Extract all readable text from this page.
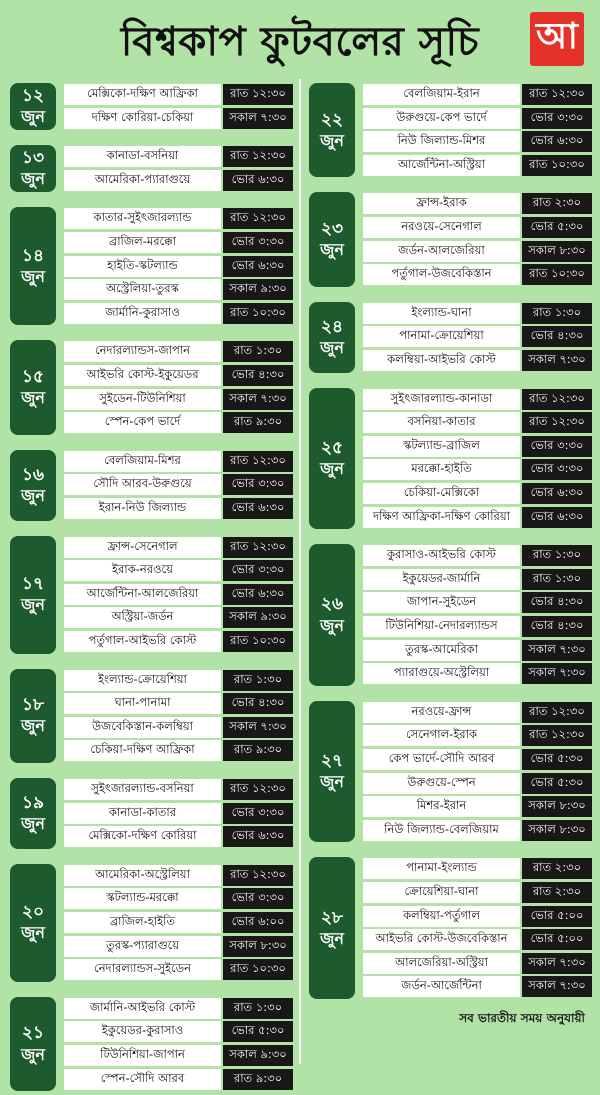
বিশ্বকাপ ফুটবলের সূচি	আ
১২
জুন
মেক্সিকো-দক্ষিণ আফ্রিকা	রাত ১২:৩০
দক্ষিণ কোরিয়া-চেকিয়া	সকাল ৭:৩০
১৩
জুন
কানাডা-বসনিয়া	রাত ১২:৩০
আমেরিকা-প্যারাগুয়ে	ভোর ৬:৩০
১৪
জুন
কাতার-সুইৎজারল্যান্ড	রাত ১২:৩০
ব্রাজিল-মরক্কো	ভোর ৩:৩০
হাইতি-স্কটল্যান্ড	ভোর ৬:৩০
অস্ট্রেলিয়া-তুরস্ক	সকাল ৯:৩০
জার্মানি-কুরাসাও	রাত ১০:৩০
১৫
জুন
নেদারল্যান্ডস-জাপান	রাত ১:৩০
আইভরি কোস্ট-ইকুয়েডর	ভোর ৪:৩০
সুইডেন-টিউনিশিয়া	সকাল ৭:৩০
স্পেন-কেপ ভার্দে	রাত ৯:৩০
১৬
জুন
বেলজিয়াম-মিশর	রাত ১২:৩০
সৌদি আরব-উরুগুয়ে	ভোর ৩:৩০
ইরান-নিউ জিল্যান্ড	ভোর ৬:৩০
১৭
জুন
ফ্রান্স-সেনেগাল	রাত ১২:৩০
ইরাক-নরওয়ে	ভোর ৩:৩০
আর্জেন্টিনা-আলজেরিয়া	ভোর ৬:৩০
অস্ট্রিয়া-জর্ডন	সকাল ৯:৩০
পর্তুগাল-আইভরি কোস্ট	রাত ১০:৩০
১৮
জুন
ইংল্যান্ড-ক্রোয়েশিয়া	রাত ১:৩০
ঘানা-পানামা	ভোর ৪:৩০
উজবেকিস্তান-কলম্বিয়া	সকাল ৭:৩০
চেকিয়া-দক্ষিণ আফ্রিকা	রাত ৯:৩০
১৯
জুন
সুইৎজারল্যান্ড-বসনিয়া	রাত ১২:৩০
কানাডা-কাতার	ভোর ৩:৩০
মেক্সিকো-দক্ষিণ কোরিয়া	ভোর ৬:৩০
২০
জুন
আমেরিকা-অস্ট্রেলিয়া	রাত ১২:৩০
স্কটল্যান্ড-মরক্কো	ভোর ৩:৩০
ব্রাজিল-হাইতি	ভোর ৬:০০
তুরস্ক-প্যারাগুয়ে	সকাল ৮:৩০
নেদারল্যান্ডস-সুইডেন	রাত ১০:৩০
২১
জুন
জার্মানি-আইভরি কোস্ট	রাত ১:৩০
ইকুয়েডর-কুরাসাও	ভোর ৫:৩০
টিউনিশিয়া-জাপান	সকাল ৯:৩০
স্পেন-সৌদি আরব	রাত ৯:৩০
২২
জুন
বেলজিয়াম-ইরান	রাত ১২:৩০
উরুগুয়ে-কেপ ভার্দে	ভোর ৩:৩০
নিউ জিল্যান্ড-মিশর	ভোর ৬:৩০
আর্জেন্টিনা-অস্ট্রিয়া	রাত ১০:৩০
২৩
জুন
ফ্রান্স-ইরাক	রাত ২:৩০
নরওয়ে-সেনেগাল	ভোর ৫:৩০
জর্ডন-আলজেরিয়া	সকাল ৮:৩০
পর্তুগাল-উজবেকিস্তান	রাত ১০:৩০
২৪
জুন
ইংল্যান্ড-ঘানা	রাত ১:৩০
পানামা-ক্রোয়েশিয়া	ভোর ৪:৩০
কলম্বিয়া-আইভরি কোস্ট	সকাল ৭:৩০
২৫
জুন
সুইৎজারল্যান্ড-কানাডা	রাত ১২:৩০
বসনিয়া-কাতার	রাত ১২:৩০
স্কটল্যান্ড-ব্রাজিল	ভোর ৩:৩০
মরক্কো-হাইতি	ভোর ৩:৩০
চেকিয়া-মেক্সিকো	ভোর ৬:৩০
দক্ষিণ আফ্রিকা-দক্ষিণ কোরিয়া	ভোর ৬:৩০
২৬
জুন
কুরাসাও-আইভরি কোস্ট	রাত ১:৩০
ইকুয়েডর-জার্মানি	রাত ১:৩০
জাপান-সুইডেন	ভোর ৪:৩০
টিউনিশিয়া-নেদারল্যান্ডস	ভোর ৪:৩০
তুরস্ক-আমেরিকা	সকাল ৭:৩০
প্যারাগুয়ে-অস্ট্রেলিয়া	সকাল ৭:৩০
২৭
জুন
নরওয়ে-ফ্রান্স	রাত ১২:৩০
সেনেগাল-ইরাক	রাত ১২:৩০
কেপ ভার্দে-সৌদি আরব	ভোর ৫:৩০
উরুগুয়ে-স্পেন	ভোর ৫:৩০
মিশর-ইরান	সকাল ৮:৩০
নিউ জিল্যান্ড-বেলজিয়াম	সকাল ৮:৩০
২৮
জুন
পানামা-ইংল্যান্ড	রাত ২:৩০
ক্রোয়েশিয়া-ঘানা	রাত ২:৩০
কলম্বিয়া-পর্তুগাল	ভোর ৫:০০
আইভরি কোস্ট-উজবেকিস্তান	ভোর ৫:০০
আলজেরিয়া-অস্ট্রিয়া	সকাল ৭:৩০
জর্ডন-আর্জেন্টিনা	সকাল ৭:৩০
সব ভারতীয় সময় অনুযায়ী
